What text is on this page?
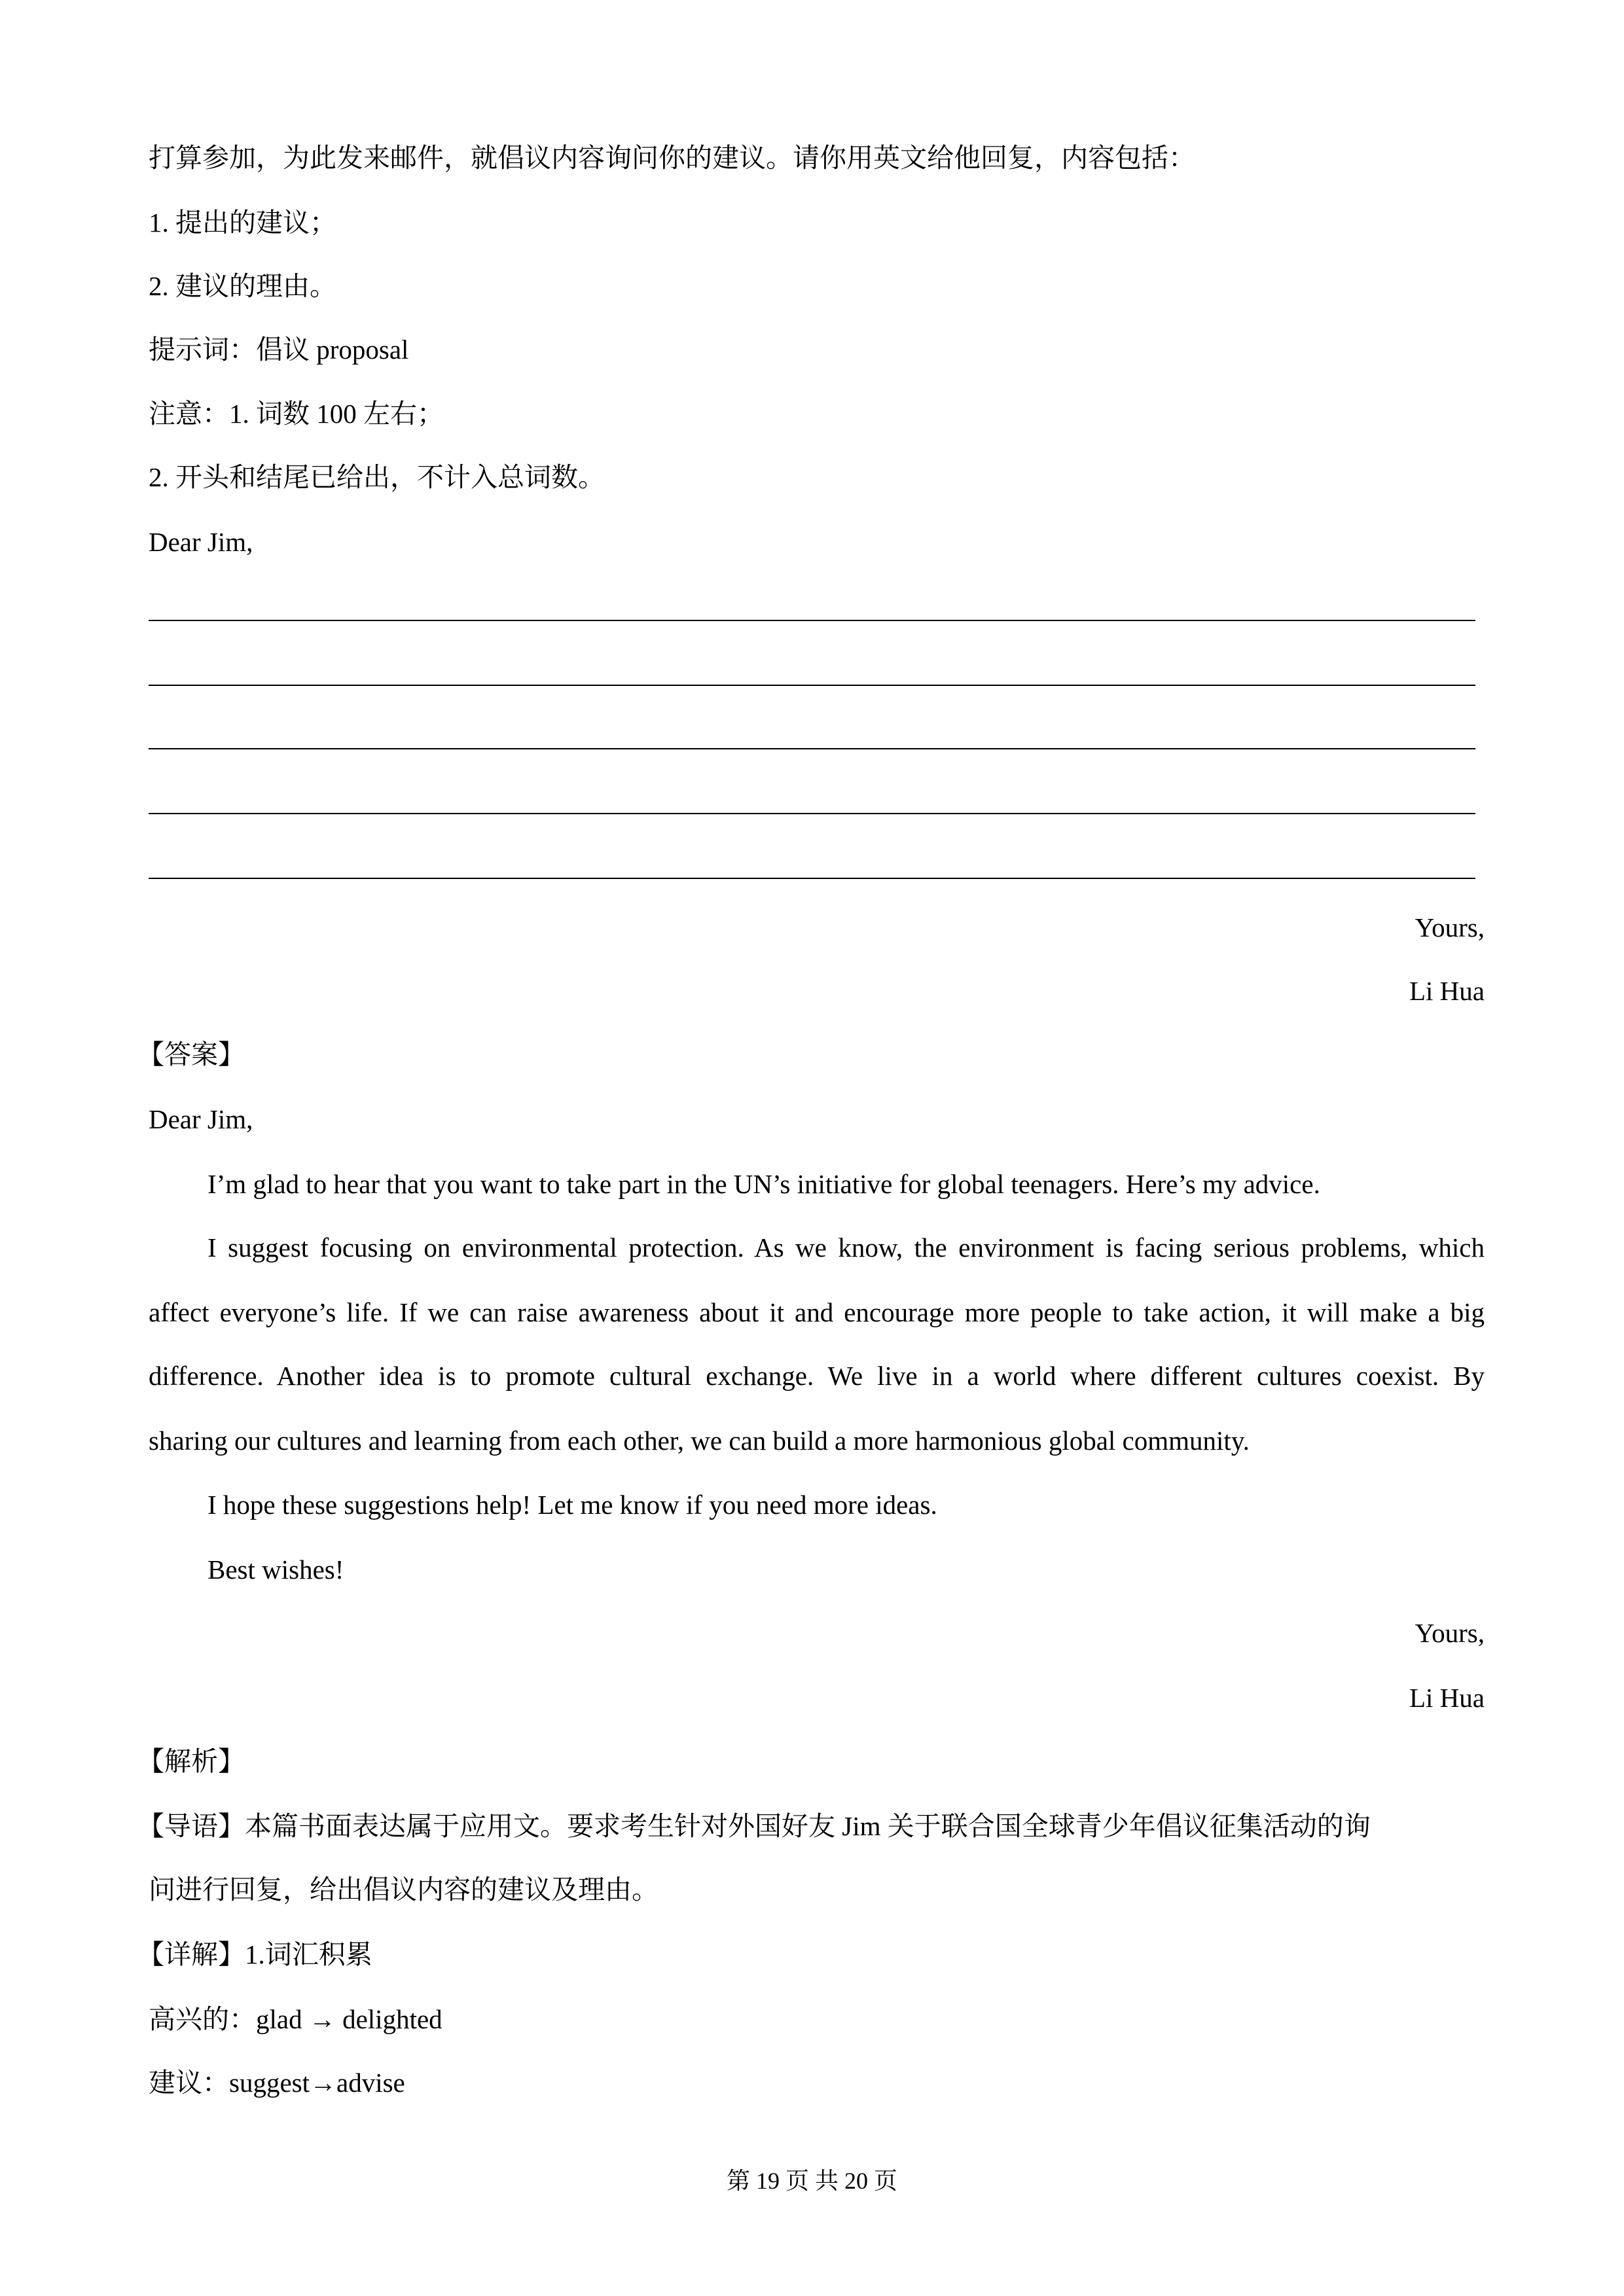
打算参加，为此发来邮件，就倡议内容询问你的建议。请你用英文给他回复，内容包括：
1. 提出的建议；
2. 建议的理由。
提示词：倡议 proposal
注意：1. 词数 100 左右；
2. 开头和结尾已给出，不计入总词数。
Dear Jim,
Yours,
Li Hua
【答案】
Dear Jim,
I’m glad to hear that you want to take part in the UN’s initiative for global teenagers. Here’s my advice.
I suggest focusing on environmental protection. As we know, the environment is facing serious problems, which
affect everyone’s life. If we can raise awareness about it and encourage more people to take action, it will make a big
difference. Another idea is to promote cultural exchange. We live in a world where different cultures coexist. By
sharing our cultures and learning from each other, we can build a more harmonious global community.
I hope these suggestions help! Let me know if you need more ideas.
Best wishes!
Yours,
Li Hua
【解析】
【导语】本篇书面表达属于应用文。要求考生针对外国好友 Jim 关于联合国全球青少年倡议征集活动的询
问进行回复，给出倡议内容的建议及理由。
【详解】1.词汇积累
高兴的：glad → delighted
建议：suggest→advise
第 19 页 共 20 页
